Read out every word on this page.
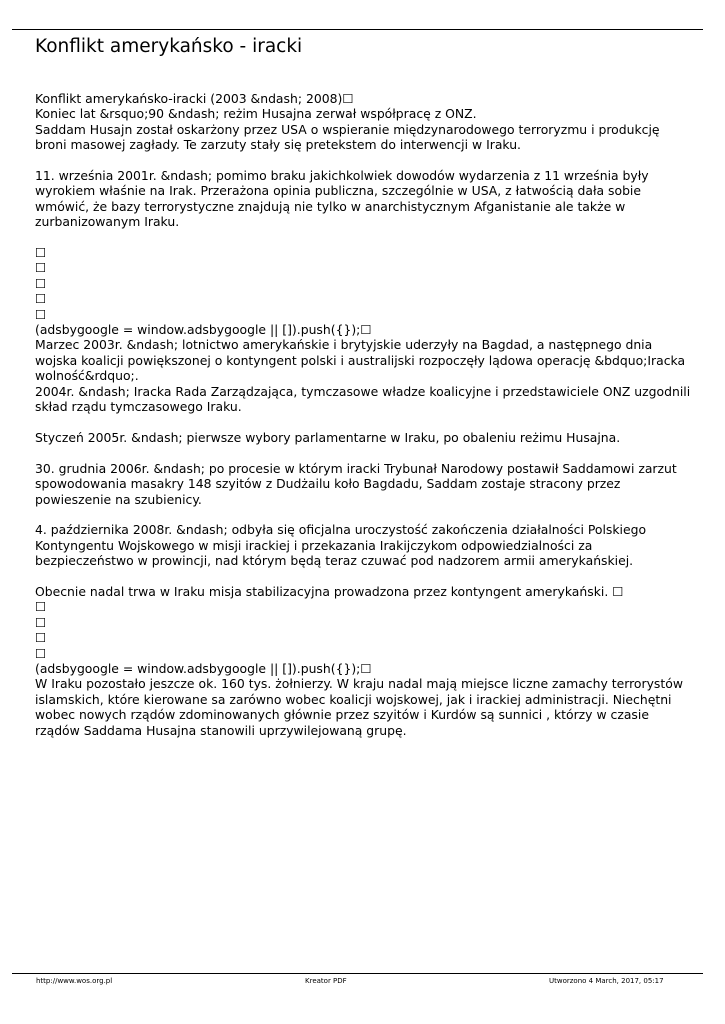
Konflikt amerykańsko - iracki
Konflikt amerykańsko-iracki (2003 &ndash; 2008)☐
Koniec lat &rsquo;90 &ndash; reżim Husajna zerwał współpracę z ONZ.
Saddam Husajn został oskarżony przez USA o wspieranie międzynarodowego terroryzmu i produkcję
broni masowej zagłady. Te zarzuty stały się pretekstem do interwencji w Iraku.
11. września 2001r. &ndash; pomimo braku jakichkolwiek dowodów wydarzenia z 11 września były
wyrokiem właśnie na Irak. Przerażona opinia publiczna, szczególnie w USA, z łatwością dała sobie
wmówić, że bazy terrorystyczne znajdują nie tylko w anarchistycznym Afganistanie ale także w
zurbanizowanym Iraku.
☐
☐
☐
☐
☐
(adsbygoogle = window.adsbygoogle || []).push({});☐
Marzec 2003r. &ndash; lotnictwo amerykańskie i brytyjskie uderzyły na Bagdad, a następnego dnia
wojska koalicji powiększonej o kontyngent polski i australijski rozpoczęły lądowa operację &bdquo;Iracka
wolność&rdquo;.
2004r. &ndash; Iracka Rada Zarządzająca, tymczasowe władze koalicyjne i przedstawiciele ONZ uzgodnili
skład rządu tymczasowego Iraku.
Styczeń 2005r. &ndash; pierwsze wybory parlamentarne w Iraku, po obaleniu reżimu Husajna.
30. grudnia 2006r. &ndash; po procesie w którym iracki Trybunał Narodowy postawił Saddamowi zarzut
spowodowania masakry 148 szyitów z Dudżailu koło Bagdadu, Saddam zostaje stracony przez
powieszenie na szubienicy.
4. października 2008r. &ndash; odbyła się oficjalna uroczystość zakończenia działalności Polskiego
Kontyngentu Wojskowego w misji irackiej i przekazania Irakijczykom odpowiedzialności za
bezpieczeństwo w prowincji, nad którym będą teraz czuwać pod nadzorem armii amerykańskiej.
Obecnie nadal trwa w Iraku misja stabilizacyjna prowadzona przez kontyngent amerykański. ☐
☐
☐
☐
☐
(adsbygoogle = window.adsbygoogle || []).push({});☐
W Iraku pozostało jeszcze ok. 160 tys. żołnierzy. W kraju nadal mają miejsce liczne zamachy terrorystów
islamskich, które kierowane sa zarówno wobec koalicji wojskowej, jak i irackiej administracji. Niechętni
wobec nowych rządów zdominowanych głównie przez szyitów i Kurdów są sunnici , którzy w czasie
rządów Saddama Husajna stanowili uprzywilejowaną grupę.
http://www.wos.org.pl	Kreator PDF	Utworzono 4 March, 2017, 05:17
